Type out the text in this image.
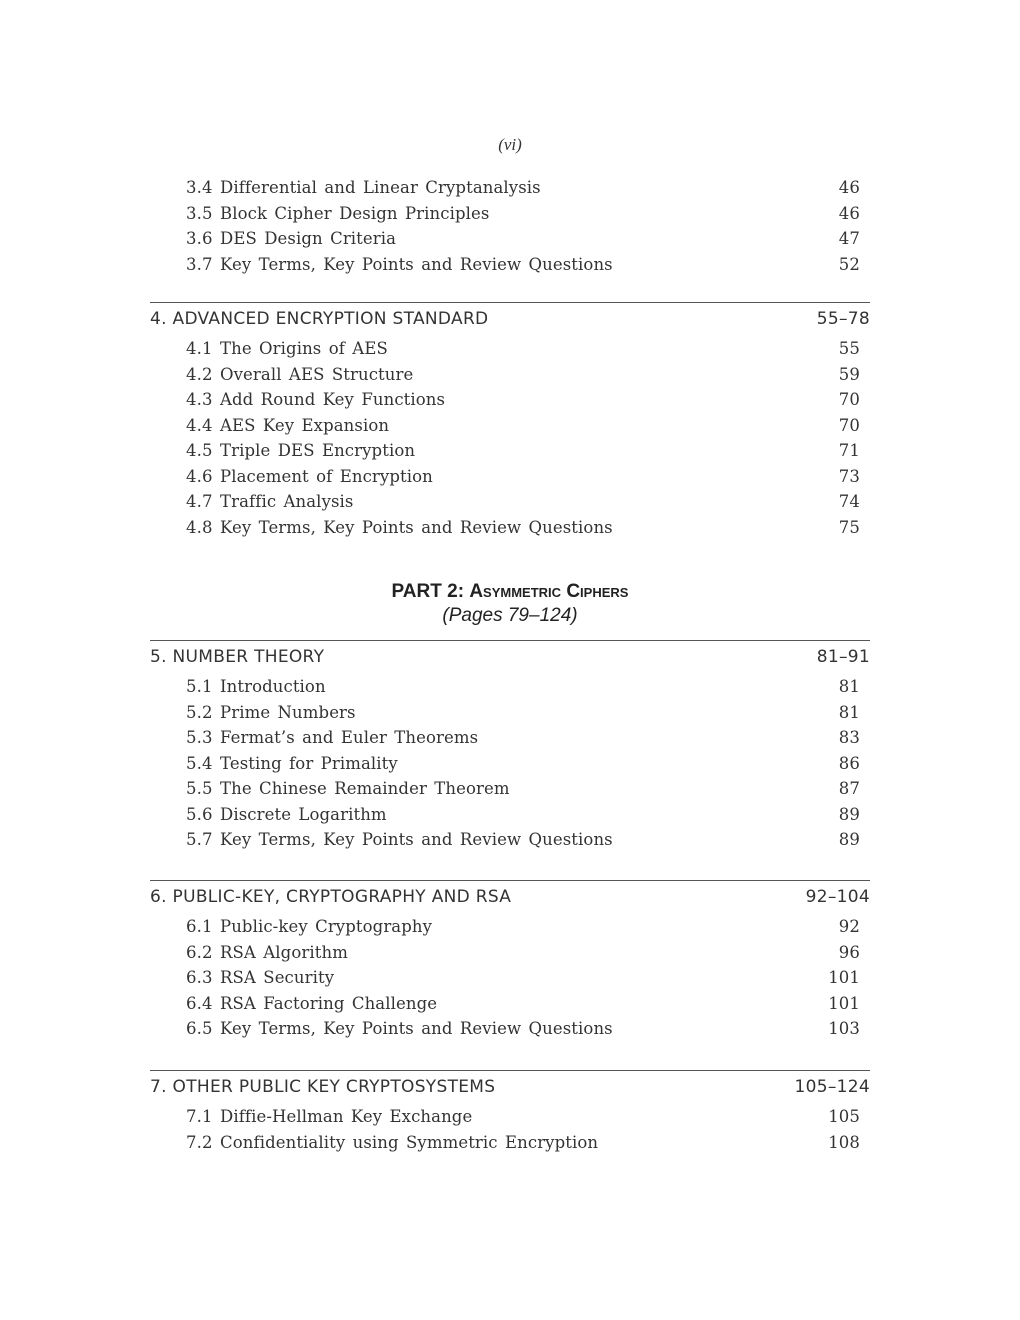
(vi)
3.4 Differential and Linear Cryptanalysis	46
3.5 Block Cipher Design Principles	46
3.6 DES Design Criteria	47
3.7 Key Terms, Key Points and Review Questions	52
4. ADVANCED ENCRYPTION STANDARD	55–78
4.1 The Origins of AES	55
4.2 Overall AES Structure	59
4.3 Add Round Key Functions	70
4.4 AES Key Expansion	70
4.5 Triple DES Encryption	71
4.6 Placement of Encryption	73
4.7 Traffic Analysis	74
4.8 Key Terms, Key Points and Review Questions	75
5. NUMBER THEORY	81–91
5.1 Introduction	81
5.2 Prime Numbers	81
5.3 Fermat’s and Euler Theorems	83
5.4 Testing for Primality	86
5.5 The Chinese Remainder Theorem	87
5.6 Discrete Logarithm	89
5.7 Key Terms, Key Points and Review Questions	89
6. PUBLIC-KEY, CRYPTOGRAPHY AND RSA	92–104
6.1 Public-key Cryptography	92
6.2 RSA Algorithm	96
6.3 RSA Security	101
6.4 RSA Factoring Challenge	101
6.5 Key Terms, Key Points and Review Questions	103
7. OTHER PUBLIC KEY CRYPTOSYSTEMS	105–124
7.1 Diffie-Hellman Key Exchange	105
7.2 Confidentiality using Symmetric Encryption	108
PART 2: Asymmetric Ciphers
(Pages 79–124)
